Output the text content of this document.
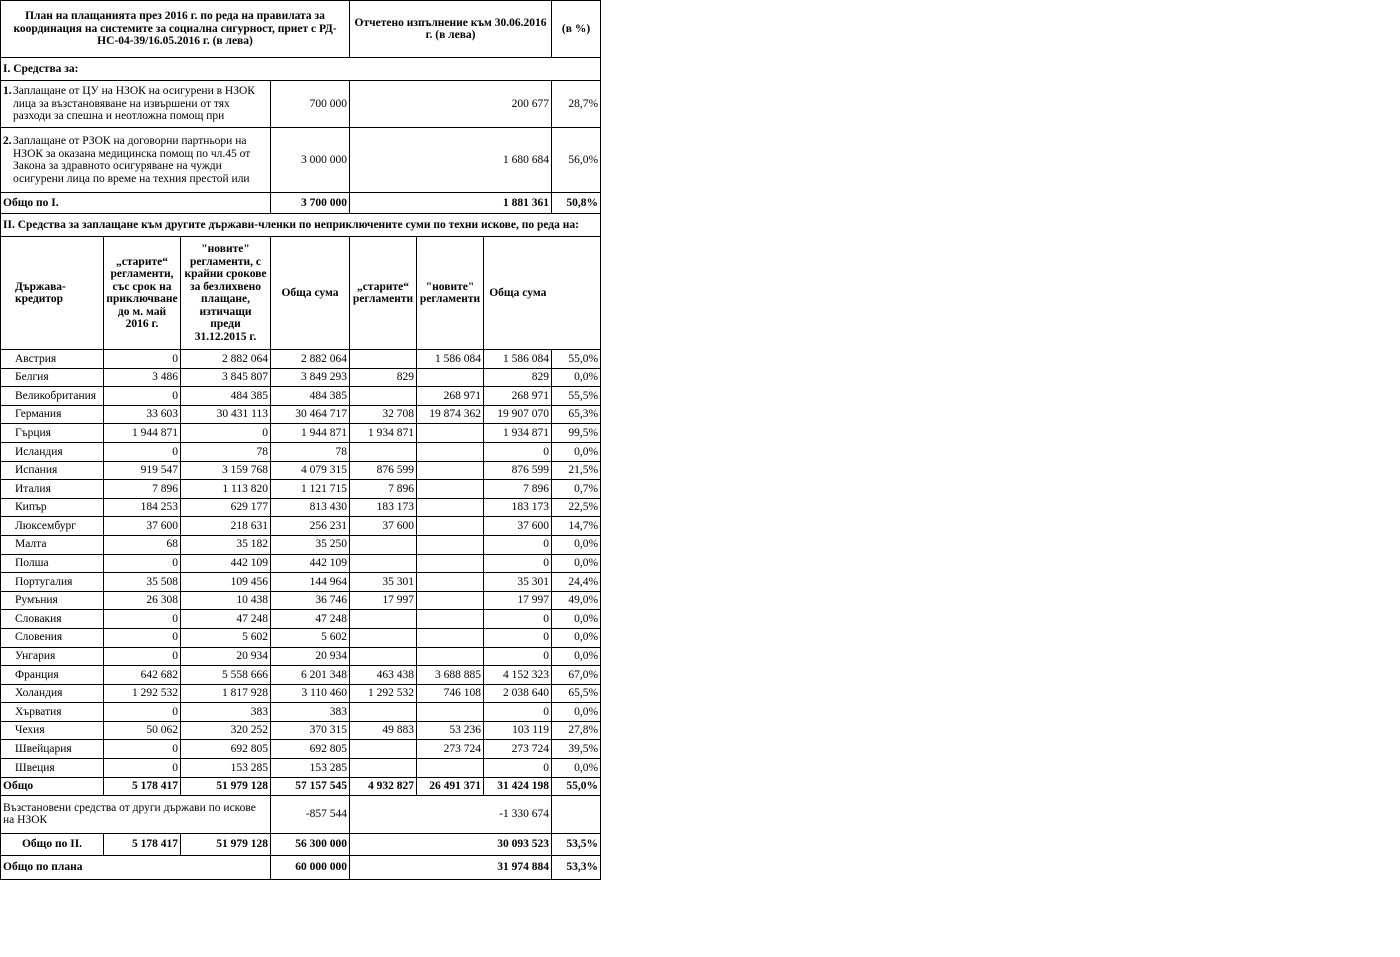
План на плащанията през 2016 г. по реда на правилата за координация на системите за социална сигурност, приет с РД-НС-04-39/16.05.2016 г. (в лева)				Отчетено изпълнение към 30.06.2016 г. (в лева)			(в %)
І. Средства за:							
1.Заплащане от ЦУ на НЗОК на осигурени в НЗОК лица за възстановяване на извършени от тях разходи за спешна и неотложна помощ при			700 000	200 677			28,7%
2.Заплащане от РЗОК на договорни партньори на НЗОК за оказана медицинска помощ по чл.45 от Закона за здравното осигуряване на чужди осигурени лица по време на техния престой или			3 000 000	1 680 684			56,0%
Общо по І.			3 700 000	1 881 361			50,8%
ІІ. Средства за заплащане към другите държави-членки по неприключените суми по техни искове, по реда на:							
Държава-кредитор	„старите“ регламенти, със срок на приключване до м. май 2016 г.	"новите" регламенти, с крайни срокове за безлихвено плащане, изтичащи преди 31.12.2015 г.	Обща сума	„старите“ регламенти	"новите" регламенти	Обща сума	
Австрия	0	2 882 064	2 882 064		1 586 084	1 586 084	55,0%
Белгия	3 486	3 845 807	3 849 293	829		829	0,0%
Великобритания	0	484 385	484 385		268 971	268 971	55,5%
Германия	33 603	30 431 113	30 464 717	32 708	19 874 362	19 907 070	65,3%
Гърция	1 944 871	0	1 944 871	1 934 871		1 934 871	99,5%
Исландия	0	78	78			0	0,0%
Испания	919 547	3 159 768	4 079 315	876 599		876 599	21,5%
Италия	7 896	1 113 820	1 121 715	7 896		7 896	0,7%
Кипър	184 253	629 177	813 430	183 173		183 173	22,5%
Люксембург	37 600	218 631	256 231	37 600		37 600	14,7%
Малта	68	35 182	35 250			0	0,0%
Полша	0	442 109	442 109			0	0,0%
Португалия	35 508	109 456	144 964	35 301		35 301	24,4%
Румъния	26 308	10 438	36 746	17 997		17 997	49,0%
Словакия	0	47 248	47 248			0	0,0%
Словения	0	5 602	5 602			0	0,0%
Унгария	0	20 934	20 934			0	0,0%
Франция	642 682	5 558 666	6 201 348	463 438	3 688 885	4 152 323	67,0%
Холандия	1 292 532	1 817 928	3 110 460	1 292 532	746 108	2 038 640	65,5%
Хърватия	0	383	383			0	0,0%
Чехия	50 062	320 252	370 315	49 883	53 236	103 119	27,8%
Швейцария	0	692 805	692 805		273 724	273 724	39,5%
Швеция	0	153 285	153 285			0	0,0%
Общо	5 178 417	51 979 128	57 157 545	4 932 827	26 491 371	31 424 198	55,0%
Възстановени средства от други държави по искове на НЗОК			-857 544	-1 330 674			
Общо по ІІ.	5 178 417	51 979 128	56 300 000	30 093 523			53,5%
Общо по плана			60 000 000	31 974 884			53,3%
